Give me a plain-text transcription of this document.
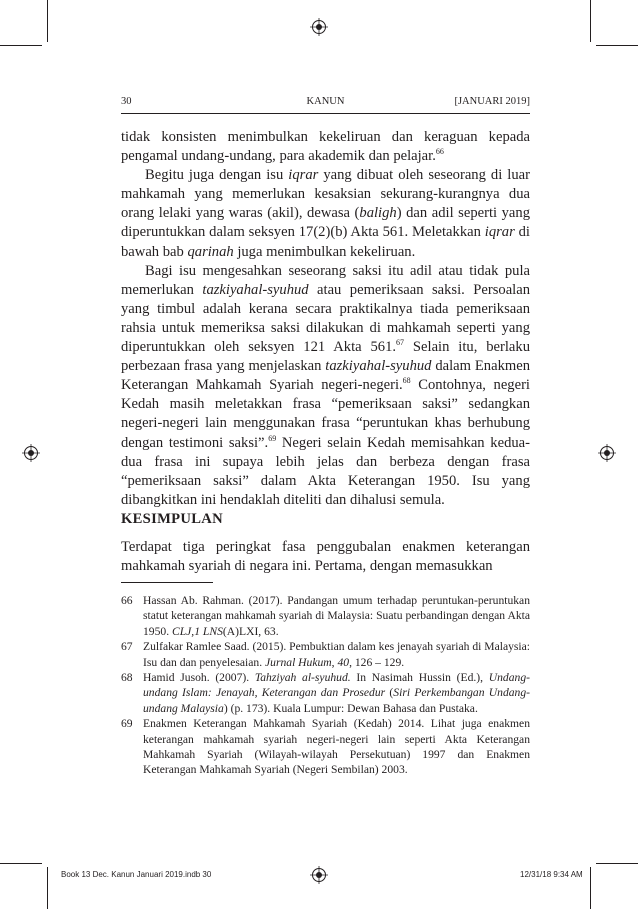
30	KANUN	[JANUARI 2019]

tidak konsisten menimbulkan kekeliruan dan keraguan kepada pengamal undang-undang, para akademik dan pelajar.$^{66}$

Begitu juga dengan isu iqrar yang dibuat oleh seseorang di luar mahkamah yang memerlukan kesaksian sekurang-kurangnya dua orang lelaki yang waras (akil), dewasa (baligh) dan adil seperti yang diperuntukkan dalam seksyen 17(2)(b) Akta 561. Meletakkan iqrar di bawah bab qarinah juga menimbulkan kekeliruan.

Bagi isu mengesahkan seseorang saksi itu adil atau tidak pula memerlukan tazkiyahal-syuhud atau pemeriksaan saksi. Persoalan yang timbul adalah kerana secara praktikalnya tiada pemeriksaan rahsia untuk memeriksa saksi dilakukan di mahkamah seperti yang diperuntukkan oleh seksyen 121 Akta 561.67 Selain itu, berlaku perbezaan frasa yang menjelaskan tazkiyahal-syuhud dalam Enakmen Keterangan Mahkamah Syariah negeri-negeri.$^{68}$ Contohnya, negeri Kedah masih meletakkan frasa “pemeriksaan saksi” sedangkan negeri-negeri lain menggunakan frasa “peruntukan khas berhubung dengan testimoni saksi”.$^{69}$ Negeri selain Kedah memisahkan kedua-dua frasa ini supaya lebih jelas dan berbeza dengan frasa “pemeriksaan saksi” dalam Akta Keterangan 1950. Isu yang dibangkitkan ini hendaklah diteliti dan dihalusi semula.

KESIMPULAN
Terdapat tiga peringkat fasa penggubalan enakmen keterangan mahkamah syariah di negara ini. Pertama, dengan memasukkan
66 Hassan Ab. Rahman. (2017). Pandangan umum terhadap peruntukan-peruntukan statut keterangan mahkamah syariah di Malaysia: Suatu perbandingan dengan Akta 1950. CLJ,1 LNS(A)LXI, 63.
67 Zulfakar Ramlee Saad. (2015). Pembuktian dalam kes jenayah syariah di Malaysia: Isu dan dan penyelesaian. Jurnal Hukum, 40, 126 – 129.
68 Hamid Jusoh. (2007). Tahziyah al-syuhud. In Nasimah Hussin (Ed.), Undang-undang Islam: Jenayah, Keterangan dan Prosedur (Siri Perkembangan Undang-undang Malaysia) (p. 173). Kuala Lumpur: Dewan Bahasa dan Pustaka.
69 Enakmen Keterangan Mahkamah Syariah (Kedah) 2014. Lihat juga enakmen keterangan mahkamah syariah negeri-negeri lain seperti Akta Keterangan Mahkamah Syariah (Wilayah-wilayah Persekutuan) 1997 dan Enakmen Keterangan Mahkamah Syariah (Negeri Sembilan) 2003.
Book 13 Dec. Kanun Januari 2019.indb 30	12/31/18 9:34 AM
